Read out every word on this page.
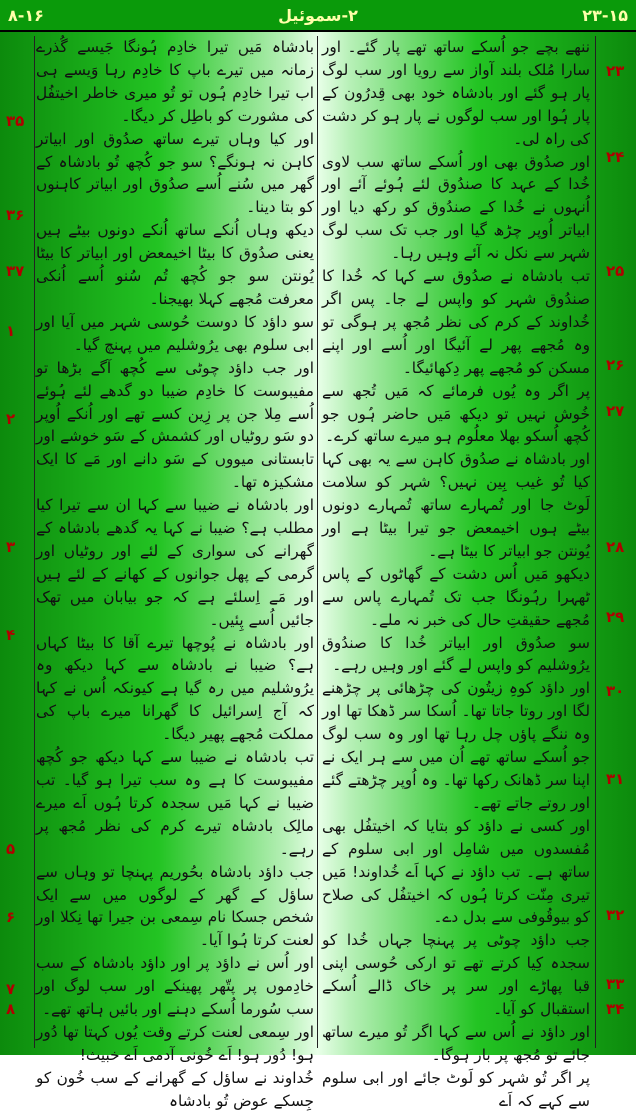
۲۳-۱۵
۲-سموئیل
۸-۱۶

ننھے بچے جو اُسکے ساتھ تھے پار گئے۔ اور سارا مُلک بلند آواز سے رویا اور سب لوگ پار ہو گئے اور بادشاہ خود بھی قِدرُون کے پار ہُوا اور سب لوگوں نے پار ہو کر دشت کی راہ لی۔

اور صدُوق بھی اور اُسکے ساتھ سب لاوی خُدا کے عہد کا صندُوق لئے ہُوئے آئے اور اُنہوں نے خُدا کے صندُوق کو رکھ دیا اور ابیاتر اُوپر چڑھ گیا اور جب تک سب لوگ شہر سے نکل نہ آئے وہیں رہا۔

تب بادشاہ نے صدُوق سے کہا کہ خُدا کا صندُوق شہر کو واپس لے جا۔ پس اگر خُداوند کے کرم کی نظر مُجھ پر ہوگی تو وہ مُجھے پھر لے آئیگا اور اُسے اور اپنے مسکن کو مُجھے پھر دِکھائیگا۔

پر اگر وہ یُوں فرمائے کہ مَیں تُجھ سے خُوش نہیں تو دیکھ مَیں حاضر ہُوں جو کُچھ اُسکو بھلا معلُوم ہو میرے ساتھ کرے۔

اور بادشاہ نے صدُوق کاہن سے یہ بھی کہا کیا تُو غیب بِین نہیں؟ شہر کو سلامت لَوٹ جا اور تُمہارے ساتھ تُمہارے دونوں بیٹے ہوں اخیمعض جو تیرا بیٹا ہے اور یُونتن جو ابیاتر کا بیٹا ہے۔

دیکھو مَیں اُس دشت کے گھاٹوں کے پاس ٹھہرا رہُونگا جب تک تُمہارے پاس سے مُجھے حقیقتِ حال کی خبر نہ ملے۔

سو صدُوق اور ابیاتر خُدا کا صندُوق یرُوشلیم کو واپس لے گئے اور وہیں رہے۔

اور داؤد کوہِ زیتُون کی چڑھائی پر چڑھنے لگا اور روتا جاتا تھا۔ اُسکا سر ڈھکا تھا اور وہ ننگے پاؤں چل رہا تھا اور وہ سب لوگ جو اُسکے ساتھ تھے اُن میں سے ہر ایک نے اپنا سر ڈھانک رکھا تھا۔ وہ اُوپر چڑھتے گئے اور روتے جاتے تھے۔

اور کسی نے داؤد کو بتایا کہ اخیتفُل بھی مُفسدوں میں شامِل اور ابی سلوم کے ساتھ ہے۔ تب داؤد نے کہا اَے خُداوند! مَیں تیری مِنّت کرتا ہُوں کہ اخیتفُل کی صلاح کو بیوقُوفی سے بدل دے۔

جب داؤد چوٹی پر پہنچا جہاں خُدا کو سجدہ کِیا کرتے تھے تو ارکی حُوسی اپنی قبا پھاڑے اور سر پر خاک ڈالے اُسکے استقبال کو آیا۔

اور داؤد نے اُس سے کہا اگر تُو میرے ساتھ جائے تو مُجھ پر بار ہوگا۔

پر اگر تُو شہر کو لَوٹ جائے اور ابی سلوم سے کہے کہ اَے

بادشاہ مَیں تیرا خادِم ہُونگا جَیسے گُذرے زمانہ میں تیرے باپ کا خادِم رہا وَیسے ہی اب تیرا خادِم ہُوں تو تُو میری خاطر اخیتفُل کی مشورت کو باطِل کر دیگا۔

اور کیا وہاں تیرے ساتھ صدُوق اور ابیاتر کاہن نہ ہونگے؟ سو جو کُچھ تُو بادشاہ کے گھر میں سُنے اُسے صدُوق اور ابیاتر کاہنوں کو بتا دینا۔

دیکھ وہاں اُنکے ساتھ اُنکے دونوں بیٹے ہیں یعنی صدُوق کا بیٹا اخیمعض اور ابیاتر کا بیٹا یُونتن سو جو کُچھ تُم سُنو اُسے اُنکی معرفت مُجھے کہلا بھیجنا۔

سو داؤد کا دوست حُوسی شہر میں آیا اور ابی سلوم بھی یرُوشلیم میں پہنچ گیا۔

اور جب داؤد چوٹی سے کُچھ آگے بڑھا تو مفیبوست کا خادِم ضیبا دو گدھے لئے ہُوئے اُسے مِلا جن پر زِین کسے تھے اور اُنکے اُوپر دو سَو روٹیاں اور کشمش کے سَو خوشے اور تابستانی میووں کے سَو دانے اور مَے کا ایک مشکیزہ تھا۔

اور بادشاہ نے ضیبا سے کہا ان سے تیرا کیا مطلب ہے؟ ضیبا نے کہا یہ گدھے بادشاہ کے گھرانے کی سواری کے لئے اور روٹیاں اور گرمی کے پھل جوانوں کے کھانے کے لئے ہیں اور مَے اِسلئے ہے کہ جو بیابان میں تھک جائیں اُسے پِئیں۔

اور بادشاہ نے پُوچھا تیرے آقا کا بیٹا کہاں ہے؟ ضیبا نے بادشاہ سے کہا دیکھ وہ یرُوشلیم میں رہ گیا ہے کیونکہ اُس نے کہا کہ آج اِسرائیل کا گھرانا میرے باپ کی مملکت مُجھے پھیر دیگا۔

تب بادشاہ نے ضیبا سے کہا دیکھ جو کُچھ مفیبوست کا ہے وہ سب تیرا ہو گیا۔ تب ضیبا نے کہا مَیں سجدہ کرتا ہُوں اَے میرے مالِک بادشاہ تیرے کرم کی نظر مُجھ پر رہے۔

جب داؤد بادشاہ بحُوریم پہنچا تو وہاں سے ساؤل کے گھر کے لوگوں میں سے ایک شخص جسکا نام سِمعی بن جیرا تھا نِکلا اور لعنت کرتا ہُوا آیا۔

اور اُس نے داؤد پر اور داؤد بادشاہ کے سب خادِموں پر پتّھر پھینکے اور سب لوگ اور سب سُورما اُسکے دہنے اور بائیں ہاتھ تھے۔

اور سِمعی لعنت کرتے وقت یُوں کہتا تھا دُور ہو! دُور ہو! اَے خُونی آدمی اَے خبیث!

خُداوند نے ساؤل کے گھرانے کے سب خُون کو جِسکے عوض تُو بادشاہ

۲۳
۲۴
۲۵
۲۶
۲۷
۲۸
۲۹
۳۰
۳۱
۳۲
۳۳
۳۴
۳۵
۳۶
۳۷
۱
۲
۳
۴
۵
۶
۷
۸
